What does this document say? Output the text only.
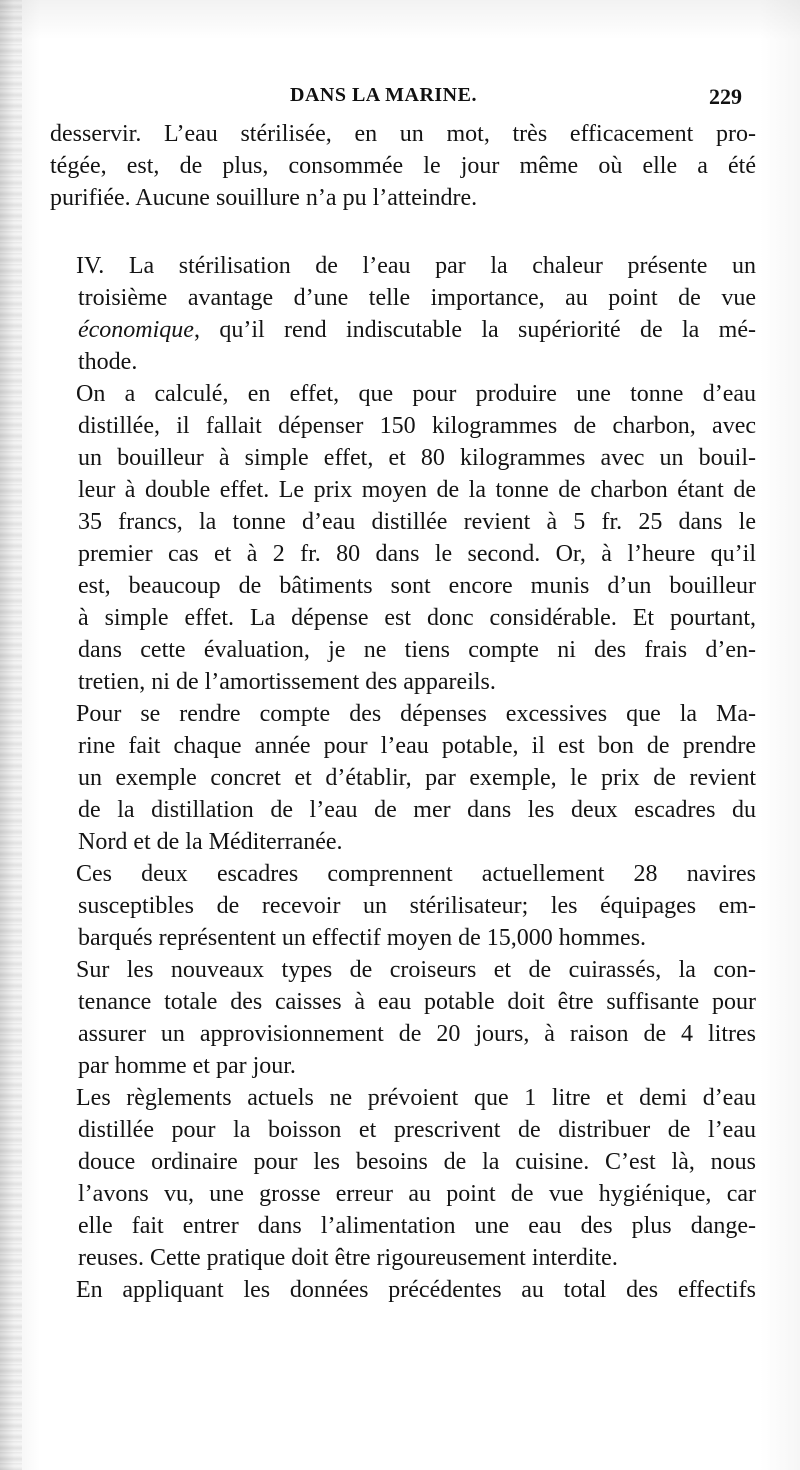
DANS LA MARINE.	229

desservir. L’eau stérilisée, en un mot, très efficacement pro-
tégée, est, de plus, consommée le jour même où elle a été
purifiée. Aucune souillure n’a pu l’atteindre.

IV. La stérilisation de l’eau par la chaleur présente un
troisième avantage d’une telle importance, au point de vue
économique, qu’il rend indiscutable la supériorité de la mé-
thode.

On a calculé, en effet, que pour produire une tonne d’eau
distillée, il fallait dépenser 150 kilogrammes de charbon, avec
un bouilleur à simple effet, et 80 kilogrammes avec un bouil-
leur à double effet. Le prix moyen de la tonne de charbon étant de
35 francs, la tonne d’eau distillée revient à 5 fr. 25 dans le
premier cas et à 2 fr. 80 dans le second. Or, à l’heure qu’il
est, beaucoup de bâtiments sont encore munis d’un bouilleur
à simple effet. La dépense est donc considérable. Et pourtant,
dans cette évaluation, je ne tiens compte ni des frais d’en-
tretien, ni de l’amortissement des appareils.

Pour se rendre compte des dépenses excessives que la Ma-
rine fait chaque année pour l’eau potable, il est bon de prendre
un exemple concret et d’établir, par exemple, le prix de revient
de la distillation de l’eau de mer dans les deux escadres du
Nord et de la Méditerranée.

Ces deux escadres comprennent actuellement 28 navires
susceptibles de recevoir un stérilisateur; les équipages em-
barqués représentent un effectif moyen de 15,000 hommes.

Sur les nouveaux types de croiseurs et de cuirassés, la con-
tenance totale des caisses à eau potable doit être suffisante pour
assurer un approvisionnement de 20 jours, à raison de 4 litres
par homme et par jour.

Les règlements actuels ne prévoient que 1 litre et demi d’eau
distillée pour la boisson et prescrivent de distribuer de l’eau
douce ordinaire pour les besoins de la cuisine. C’est là, nous
l’avons vu, une grosse erreur au point de vue hygiénique, car
elle fait entrer dans l’alimentation une eau des plus dange-
reuses. Cette pratique doit être rigoureusement interdite.

En appliquant les données précédentes au total des effectifs
